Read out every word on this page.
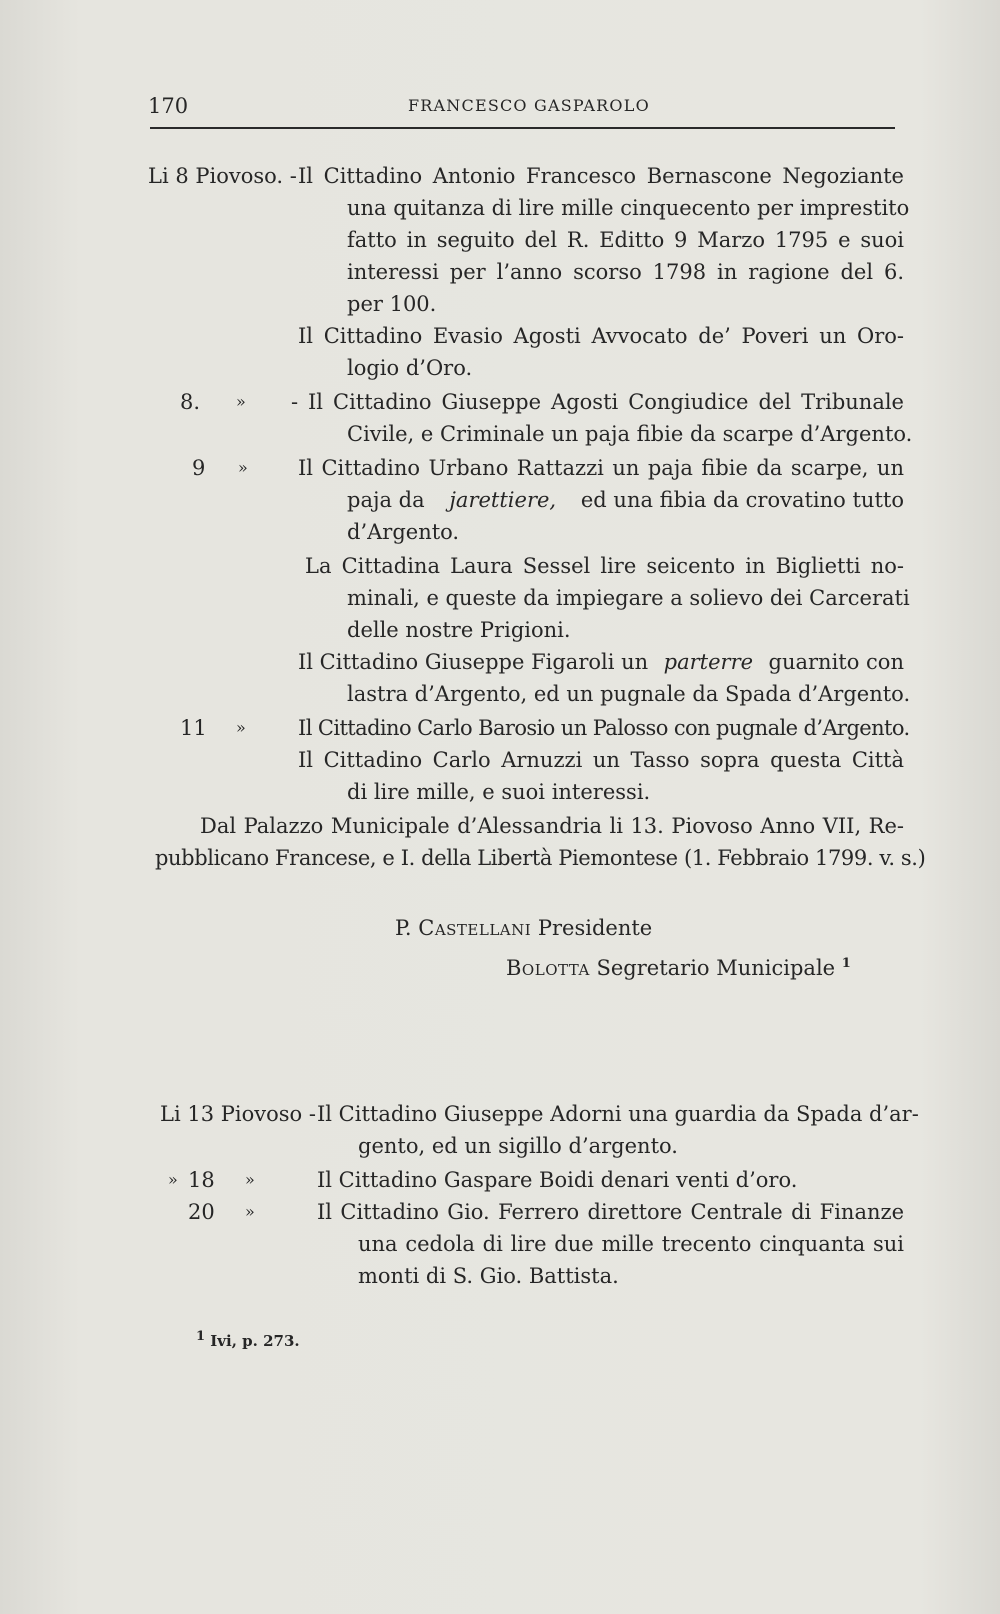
170	FRANCESCO GASPAROLO
Li 8 Piovoso. - Il Cittadino Antonio Francesco Bernascone Negoziante
una quitanza di lire mille cinquecento per imprestito
fatto in seguito del R. Editto 9 Marzo 1795 e suoi
interessi per l’anno scorso 1798 in ragione del 6.
per 100.
Il Cittadino Evasio Agosti Avvocato de’ Poveri un Oro-
logio d’Oro.
8. » - Il Cittadino Giuseppe Agosti Congiudice del Tribunale
Civile, e Criminale un paja fibie da scarpe d’Argento.
9 » Il Cittadino Urbano Rattazzi un paja fibie da scarpe, un
paja da jarettiere, ed una fibia da crovatino tutto
d’Argento.
La Cittadina Laura Sessel lire seicento in Biglietti no-
minali, e queste da impiegare a solievo dei Carcerati
delle nostre Prigioni.
Il Cittadino Giuseppe Figaroli un parterre guarnito con
lastra d’Argento, ed un pugnale da Spada d’Argento.
11 » Il Cittadino Carlo Barosio un Palosso con pugnale d’Argento.
Il Cittadino Carlo Arnuzzi un Tasso sopra questa Città
di lire mille, e suoi interessi.
Dal Palazzo Municipale d’Alessandria li 13. Piovoso Anno VII, Re-
pubblicano Francese, e I. della Libertà Piemontese (1. Febbraio 1799. v. s.)
P. Castellani Presidente
Bolotta Segretario Municipale $^1$
Li 13 Piovoso - Il Cittadino Giuseppe Adorni una guardia da Spada d’ar-
gento, ed un sigillo d’argento.
» 18 »	Il Cittadino Gaspare Boidi denari venti d’oro.
20 »	Il Cittadino Gio. Ferrero direttore Centrale di Finanze
una cedola di lire due mille trecento cinquanta sui
monti di S. Gio. Battista.
$^1$ Ivi, p. 273.
